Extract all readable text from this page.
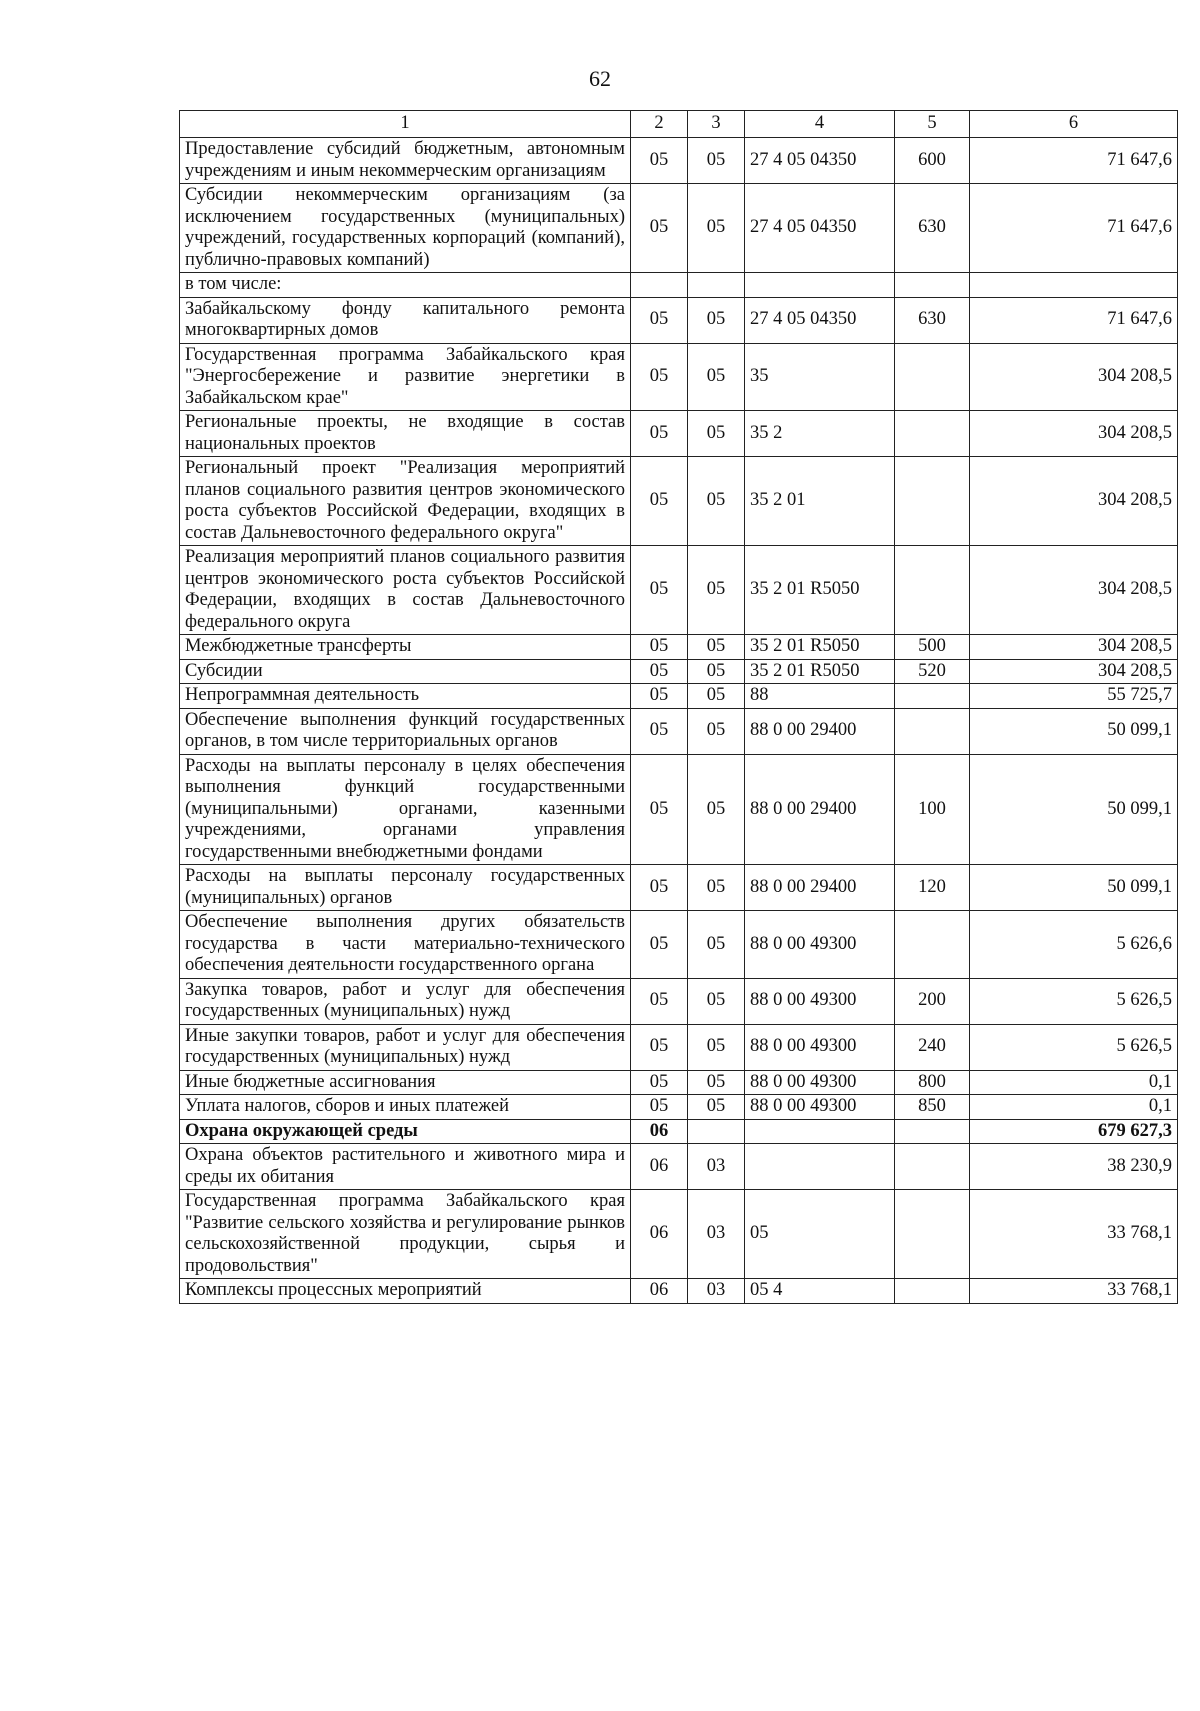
62
1	2	3	4	5	6
Предоставление субсидий бюджетным, автономным учреждениям и иным некоммерческим организациям	05	05	27 4 05 04350	600	71 647,6
Субсидии некоммерческим организациям (за исключением государственных (муниципальных) учреждений, государственных корпораций (компаний), публично-правовых компаний)	05	05	27 4 05 04350	630	71 647,6
в том числе:					
Забайкальскому фонду капитального ремонта многоквартирных домов	05	05	27 4 05 04350	630	71 647,6
Государственная программа Забайкальского края "Энергосбережение и развитие энергетики в Забайкальском крае"	05	05	35		304 208,5
Региональные проекты, не входящие в состав национальных проектов	05	05	35 2		304 208,5
Региональный проект "Реализация мероприятий планов социального развития центров экономического роста субъектов Российской Федерации, входящих в состав Дальневосточного федерального округа"	05	05	35 2 01		304 208,5
Реализация мероприятий планов социального развития центров экономического роста субъектов Российской Федерации, входящих в состав Дальневосточного федерального округа	05	05	35 2 01 R5050		304 208,5
Межбюджетные трансферты	05	05	35 2 01 R5050	500	304 208,5
Субсидии	05	05	35 2 01 R5050	520	304 208,5
Непрограммная деятельность	05	05	88		55 725,7
Обеспечение выполнения функций государственных органов, в том числе территориальных органов	05	05	88 0 00 29400		50 099,1
Расходы на выплаты персоналу в целях обеспечения выполнения функций государственными (муниципальными) органами, казенными учреждениями, органами управления государственными внебюджетными фондами	05	05	88 0 00 29400	100	50 099,1
Расходы на выплаты персоналу государственных (муниципальных) органов	05	05	88 0 00 29400	120	50 099,1
Обеспечение выполнения других обязательств государства в части материально-технического обеспечения деятельности государственного органа	05	05	88 0 00 49300		5 626,6
Закупка товаров, работ и услуг для обеспечения государственных (муниципальных) нужд	05	05	88 0 00 49300	200	5 626,5
Иные закупки товаров, работ и услуг для обеспечения государственных (муниципальных) нужд	05	05	88 0 00 49300	240	5 626,5
Иные бюджетные ассигнования	05	05	88 0 00 49300	800	0,1
Уплата налогов, сборов и иных платежей	05	05	88 0 00 49300	850	0,1
Охрана окружающей среды	06				679 627,3
Охрана объектов растительного и животного мира и среды их обитания	06	03			38 230,9
Государственная программа Забайкальского края "Развитие сельского хозяйства и регулирование рынков сельскохозяйственной продукции, сырья и продовольствия"	06	03	05		33 768,1
Комплексы процессных мероприятий	06	03	05 4		33 768,1
